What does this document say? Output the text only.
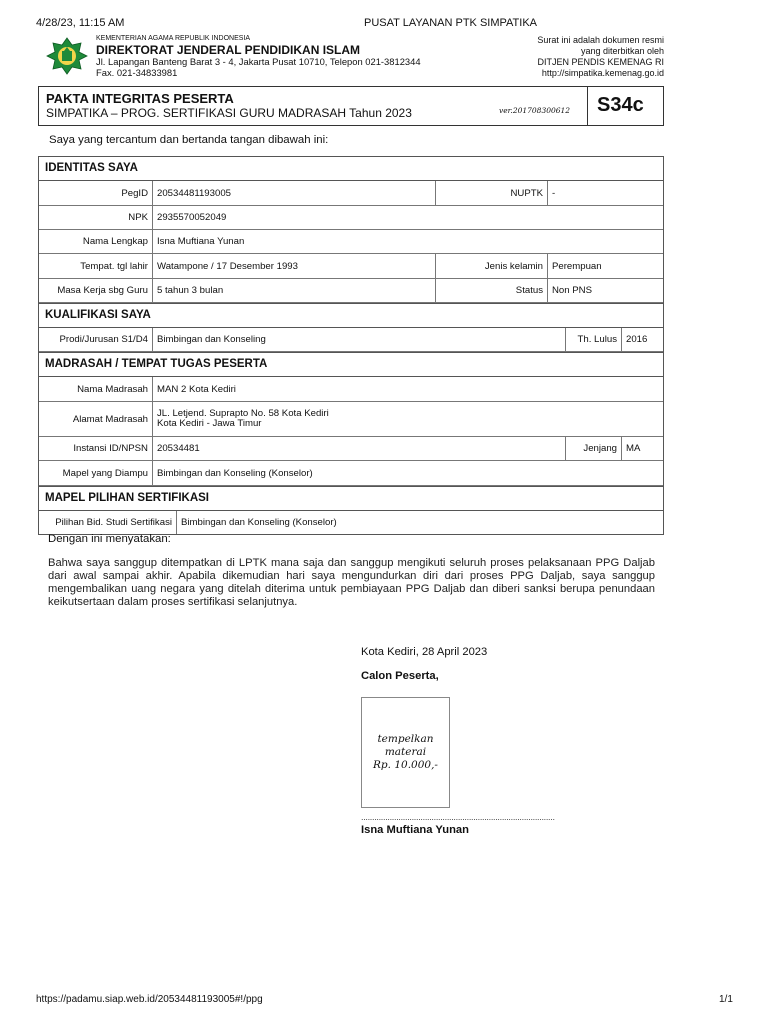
4/28/23, 11:15 AM	PUSAT LAYANAN PTK SIMPATIKA
KEMENTERIAN AGAMA REPUBLIK INDONESIA
DIREKTORAT JENDERAL PENDIDIKAN ISLAM
Jl. Lapangan Banteng Barat 3 - 4, Jakarta Pusat 10710, Telepon 021-3812344
Fax. 021-34833981
Surat ini adalah dokumen resmi
yang diterbitkan oleh
DITJEN PENDIS KEMENAG RI
http://simpatika.kemenag.go.id
PAKTA INTEGRITAS PESERTA
SIMPATIKA – PROG. SERTIFIKASI GURU MADRASAH Tahun 2023	ver.201708300612 S34c
Saya yang tercantum dan bertanda tangan dibawah ini:
IDENTITAS SAYA
PegID 20534481193005	NUPTK -
NPK 2935570052049
Nama Lengkap Isna Muftiana Yunan
Tempat. tgl lahir Watampone / 17 Desember 1993	Jenis kelamin Perempuan
Masa Kerja sbg Guru 5 tahun 3 bulan	Status Non PNS
KUALIFIKASI SAYA
Prodi/Jurusan S1/D4 Bimbingan dan Konseling	Th. Lulus 2016
MADRASAH / TEMPAT TUGAS PESERTA
Nama Madrasah MAN 2 Kota Kediri
Alamat Madrasah JL. Letjend. Suprapto No. 58 Kota Kediri
Kota Kediri - Jawa Timur
Instansi ID/NPSN 20534481	Jenjang MA
Mapel yang Diampu Bimbingan dan Konseling (Konselor)
MAPEL PILIHAN SERTIFIKASI
Pilihan Bid. Studi Sertifikasi Bimbingan dan Konseling (Konselor)
Dengan ini menyatakan:
Bahwa saya sanggup ditempatkan di LPTK mana saja dan sanggup mengikuti seluruh proses pelaksanaan PPG Daljab dari awal sampai akhir. Apabila dikemudian hari saya mengundurkan diri dari proses PPG Daljab, saya sanggup mengembalikan uang negara yang ditelah diterima untuk pembiayaan PPG Daljab dan diberi sanksi berupa penundaan keikutsertaan dalam proses sertifikasi selanjutnya.
Kota Kediri, 28 April 2023
Calon Peserta,
tempelkan
materai
Rp. 10.000,-
........................................................................................
Isna Muftiana Yunan
https://padamu.siap.web.id/20534481193005#!/ppg	1/1
